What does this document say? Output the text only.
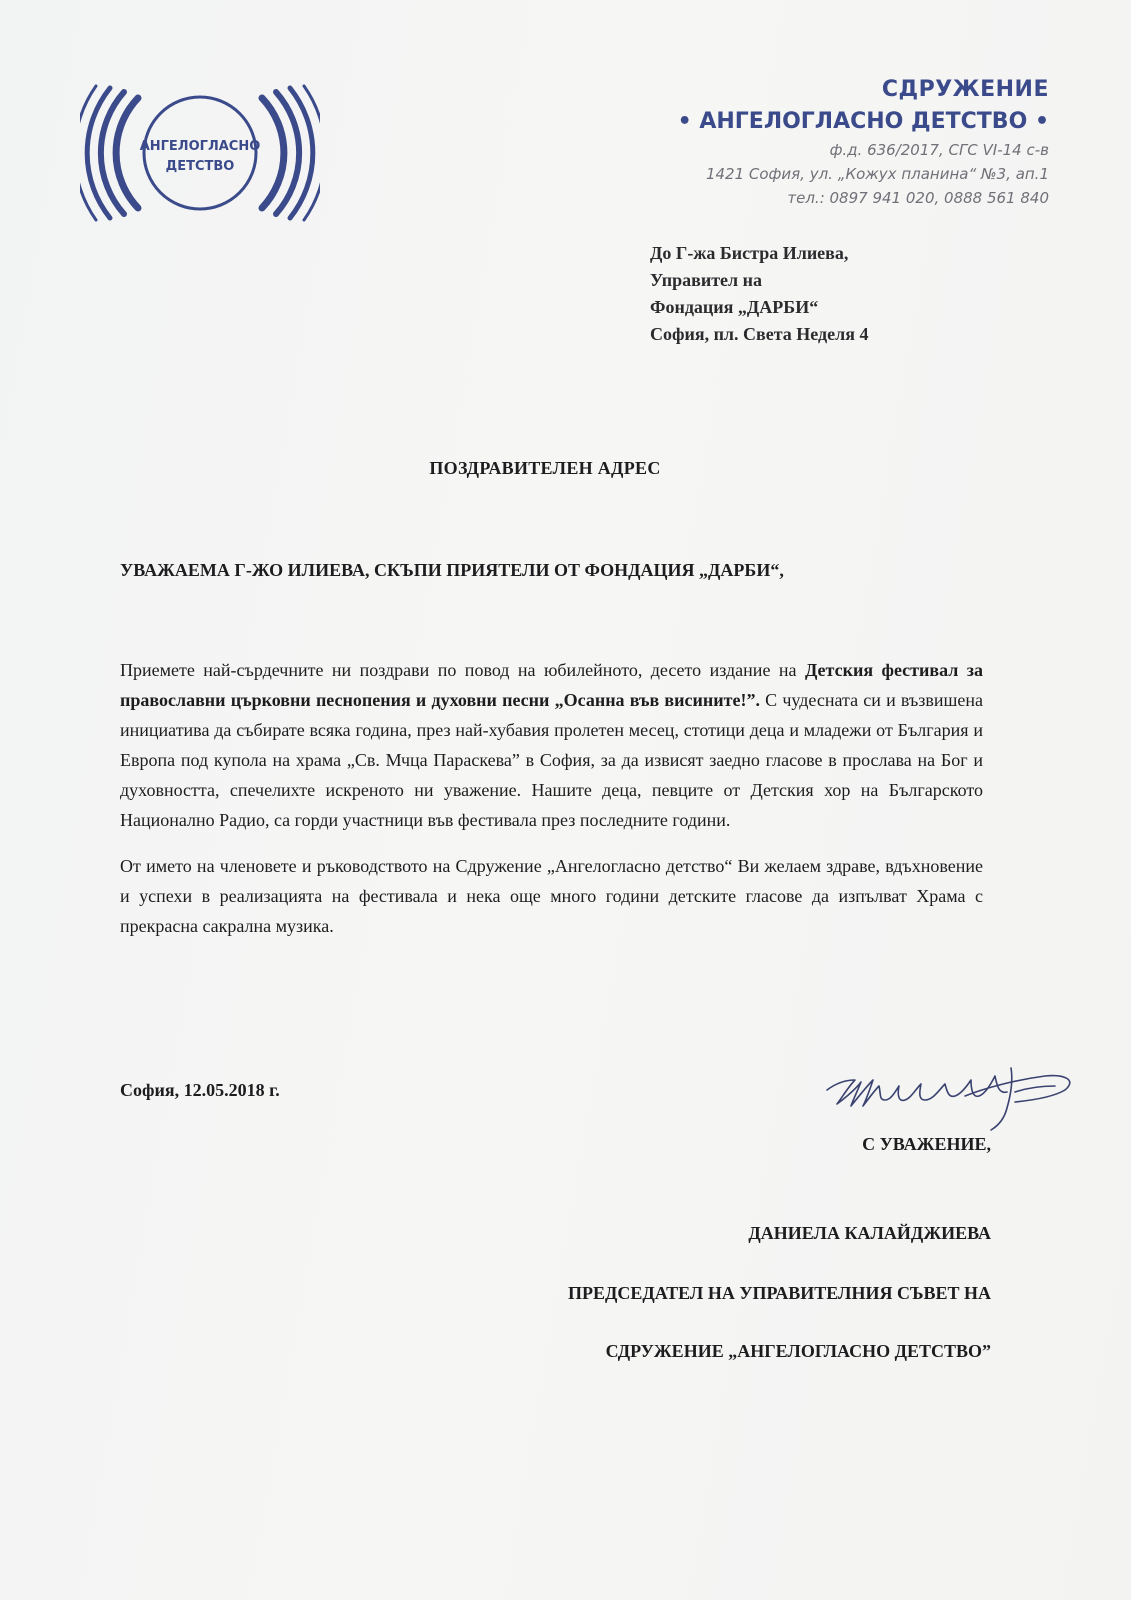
АНГЕЛОГЛАСНО
ДЕТСТВО
СДРУЖЕНИЕ
• АНГЕЛОГЛАСНО ДЕТСТВО •
ф.д. 636/2017, СГС VI-14 с-в
1421 София, ул. „Кожух планина“ №3, ап.1
тел.: 0897 941 020, 0888 561 840
До Г-жа Бистра Илиева,
Управител на
Фондация „ДАРБИ“
София, пл. Света Неделя 4
ПОЗДРАВИТЕЛЕН АДРЕС
УВАЖАЕМА Г-ЖО ИЛИЕВА, СКЪПИ ПРИЯТЕЛИ ОТ ФОНДАЦИЯ „ДАРБИ“,

Приемете най-сърдечните ни поздрави по повод на юбилейното, десето издание на Детския фестивал за православни църковни песнопения и духовни песни „Осанна във висините!”. С чудесната си и възвишена инициатива да събирате всяка година, през най-хубавия пролетен месец, стотици деца и младежи от България и Европа под купола на храма „Св. Мчца Параскева” в София, за да извисят заедно гласове в прослава на Бог и духовността, спечелихте искреното ни уважение. Нашите деца, певците от Детския хор на Българското Национално Радио, са горди участници във фестивала през последните години.

От името на членовете и ръководството на Сдружение „Ангелогласно детство“ Ви желаем здраве, вдъхновение и успехи в реализацията на фестивала и нека още много години детските гласове да изпълват Храма с прекрасна сакрална музика.

София, 12.05.2018 г.
С УВАЖЕНИЕ,
ДАНИЕЛА КАЛАЙДЖИЕВА
ПРЕДСЕДАТЕЛ НА УПРАВИТЕЛНИЯ СЪВЕТ НА
СДРУЖЕНИЕ „АНГЕЛОГЛАСНО ДЕТСТВО”
